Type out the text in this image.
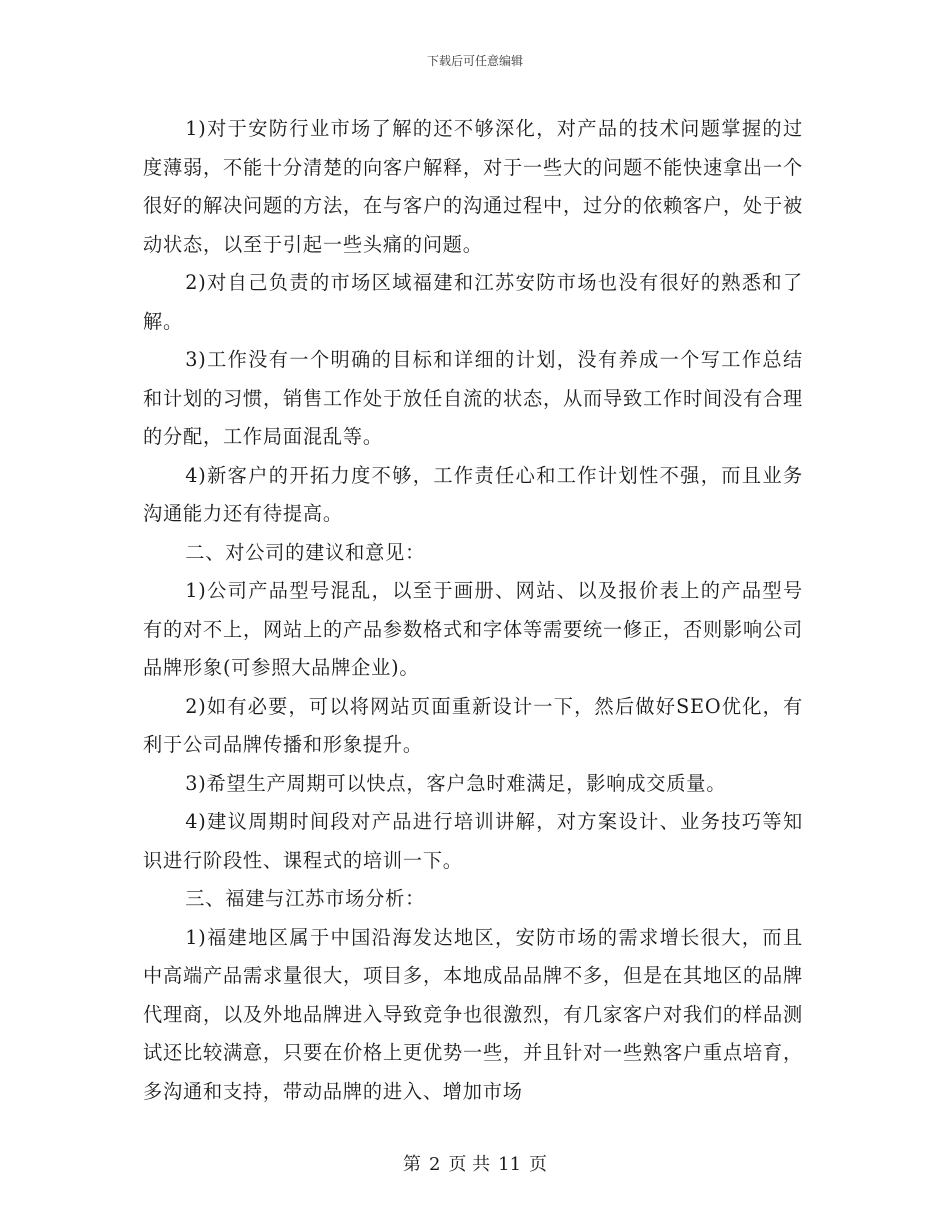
下载后可任意编辑

1)对于安防行业市场了解的还不够深化，对产品的技术问题掌握的过度薄弱，不能十分清楚的向客户解释，对于一些大的问题不能快速拿出一个很好的解决问题的方法，在与客户的沟通过程中，过分的依赖客户，处于被动状态，以至于引起一些头痛的问题。

2)对自己负责的市场区域福建和江苏安防市场也没有很好的熟悉和了解。

3)工作没有一个明确的目标和详细的计划，没有养成一个写工作总结和计划的习惯，销售工作处于放任自流的状态，从而导致工作时间没有合理的分配，工作局面混乱等。

4)新客户的开拓力度不够，工作责任心和工作计划性不强，而且业务沟通能力还有待提高。

二、对公司的建议和意见：

1)公司产品型号混乱，以至于画册、网站、以及报价表上的产品型号有的对不上，网站上的产品参数格式和字体等需要统一修正，否则影响公司品牌形象(可参照大品牌企业)。

2)如有必要，可以将网站页面重新设计一下，然后做好SEO优化，有利于公司品牌传播和形象提升。

3)希望生产周期可以快点，客户急时难满足，影响成交质量。

4)建议周期时间段对产品进行培训讲解，对方案设计、业务技巧等知识进行阶段性、课程式的培训一下。

三、福建与江苏市场分析：

1)福建地区属于中国沿海发达地区，安防市场的需求增长很大，而且中高端产品需求量很大，项目多，本地成品品牌不多，但是在其地区的品牌代理商，以及外地品牌进入导致竞争也很激烈，有几家客户对我们的样品测试还比较满意，只要在价格上更优势一些，并且针对一些熟客户重点培育，多沟通和支持，带动品牌的进入、增加市场

第 2 页 共 11 页
